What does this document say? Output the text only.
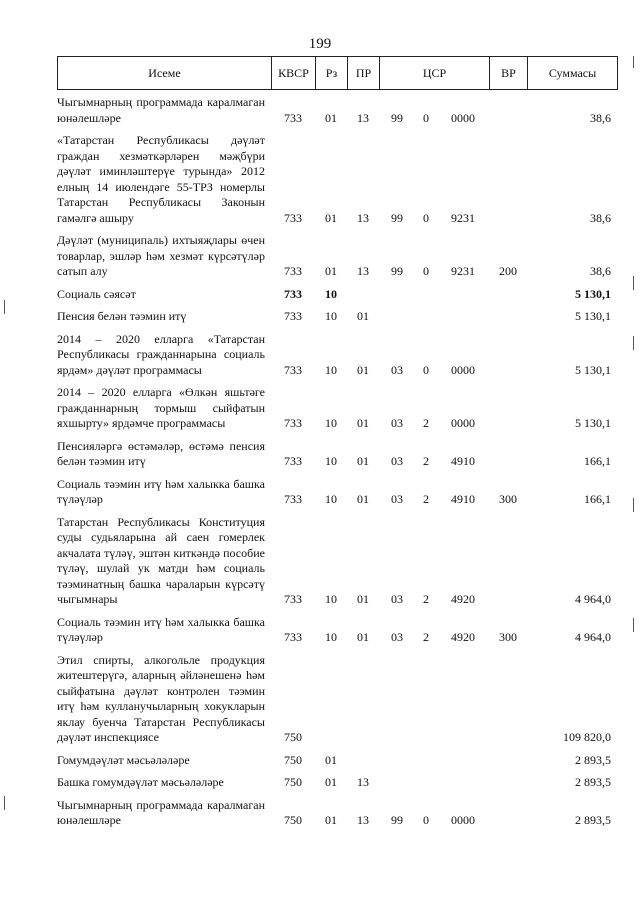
199
Исеме	КВСР	Рз	ПР	ЦСР	ВР	Суммасы
Чыгымнарның программада каралмаган юнәлешләре	733	01	13	99	0	0000		38,6
«Татарстан Республикасы дәүләт граждан хезмәткәрләрен мәҗбүри дәүләт иминләштерүе турында» 2012 елның 14 июлендәге 55-ТРЗ номерлы Татарстан Республикасы Законын гамәлгә ашыру	733	01	13	99	0	9231		38,6
Дәүләт (муниципаль) ихтыяҗлары өчен товарлар, эшләр һәм хезмәт күрсәтүләр сатып алу	733	01	13	99	0	9231	200	38,6
Социаль сәясәт	733	10						5 130,1
Пенсия белән тәэмин итү	733	10	01					5 130,1
2014 – 2020 елларга «Татарстан Республикасы гражданнарына социаль ярдәм» дәүләт программасы	733	10	01	03	0	0000		5 130,1
2014 – 2020 елларга «Өлкән яшьтәге гражданнарның тормыш сыйфатын яхшырту» ярдәмче программасы	733	10	01	03	2	0000		5 130,1
Пенсияләргә өстәмәләр, өстәмә пенсия белән тәэмин итү	733	10	01	03	2	4910		166,1
Социаль тәэмин итү һәм халыкка башка түләүләр	733	10	01	03	2	4910	300	166,1
Татарстан Республикасы Конституция суды судьяларына ай саен гомерлек акчалата түләү, эштән киткәндә пособие түләү, шулай ук матди һәм социаль тәэминатның башка чараларын күрсәтү чыгымнары	733	10	01	03	2	4920		4 964,0
Социаль тәэмин итү һәм халыкка башка түләүләр	733	10	01	03	2	4920	300	4 964,0
Этил спирты, алкогольле продукция житештерүгә, аларның әйләнешенә һәм сыйфатына дәүләт контролен тәэмин итү һәм кулланучыларның хокукларын яклау буенча Татарстан Республикасы дәүләт инспекциясе	750							109 820,0
Гомумдәүләт мәсьәләләре	750	01						2 893,5
Башка гомумдәүләт мәсьәләләре	750	01	13					2 893,5
Чыгымнарның программада каралмаган юнәлешләре	750	01	13	99	0	0000		2 893,5
